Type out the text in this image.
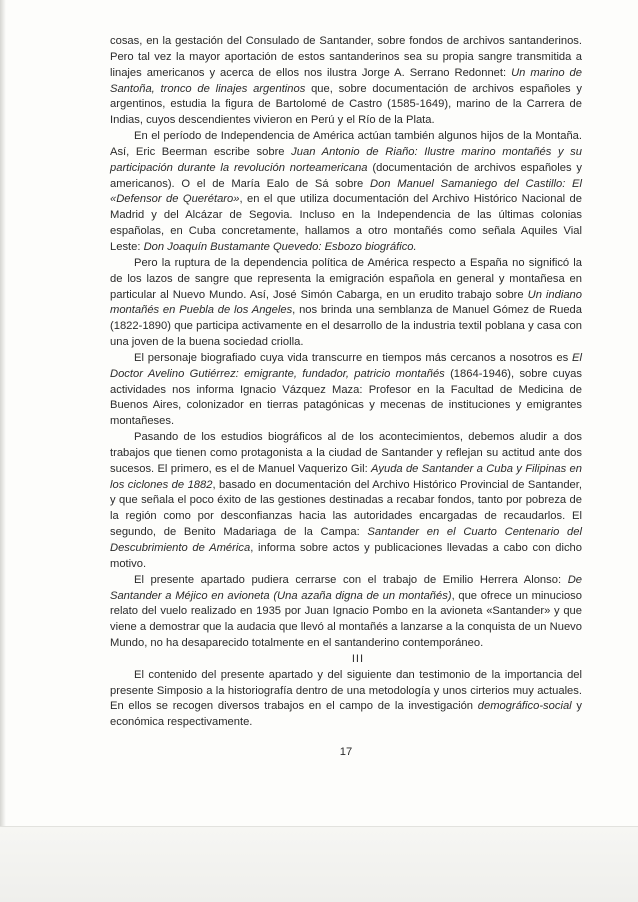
cosas, en la gestación del Consulado de Santander, sobre fondos de archivos santanderinos. Pero tal vez la mayor aportación de estos santanderinos sea su propia sangre transmitida a linajes americanos y acerca de ellos nos ilustra Jorge A. Serrano Redonnet: Un marino de Santoña, tronco de linajes argentinos que, sobre documentación de archivos españoles y argentinos, estudia la figura de Bartolomé de Castro (1585-1649), marino de la Carrera de Indias, cuyos descendientes vivieron en Perú y el Río de la Plata.

En el período de Independencia de América actúan también algunos hijos de la Montaña. Así, Eric Beerman escribe sobre Juan Antonio de Riaño: Ilustre marino montañés y su participación durante la revolución norteamericana (documentación de archivos españoles y americanos). O el de María Ealo de Sá sobre Don Manuel Samaniego del Castillo: El «Defensor de Querétaro», en el que utiliza documentación del Archivo Histórico Nacional de Madrid y del Alcázar de Segovia. Incluso en la Independencia de las últimas colonias españolas, en Cuba concretamente, hallamos a otro montañés como señala Aquiles Vial Leste: Don Joaquín Bustamante Quevedo: Esbozo biográfico.

Pero la ruptura de la dependencia política de América respecto a España no significó la de los lazos de sangre que representa la emigración española en general y montañesa en particular al Nuevo Mundo. Así, José Simón Cabarga, en un erudito trabajo sobre Un indiano montañés en Puebla de los Angeles, nos brinda una semblanza de Manuel Gómez de Rueda (1822-1890) que participa activamente en el desarrollo de la industria textil poblana y casa con una joven de la buena sociedad criolla.

El personaje biografiado cuya vida transcurre en tiempos más cercanos a nosotros es El Doctor Avelino Gutiérrez: emigrante, fundador, patricio montañés (1864-1946), sobre cuyas actividades nos informa Ignacio Vázquez Maza: Profesor en la Facultad de Medicina de Buenos Aires, colonizador en tierras patagónicas y mecenas de instituciones y emigrantes montañeses.

Pasando de los estudios biográficos al de los acontecimientos, debemos aludir a dos trabajos que tienen como protagonista a la ciudad de Santander y reflejan su actitud ante dos sucesos. El primero, es el de Manuel Vaquerizo Gil: Ayuda de Santander a Cuba y Filipinas en los ciclones de 1882, basado en documentación del Archivo Histórico Provincial de Santander, y que señala el poco éxito de las gestiones destinadas a recabar fondos, tanto por pobreza de la región como por desconfianzas hacia las autoridades encargadas de recaudarlos. El segundo, de Benito Madariaga de la Campa: Santander en el Cuarto Centenario del Descubrimiento de América, informa sobre actos y publicaciones llevadas a cabo con dicho motivo.

El presente apartado pudiera cerrarse con el trabajo de Emilio Herrera Alonso: De Santander a Méjico en avioneta (Una azaña digna de un montañés), que ofrece un minucioso relato del vuelo realizado en 1935 por Juan Ignacio Pombo en la avioneta «Santander» y que viene a demostrar que la audacia que llevó al montañés a lanzarse a la conquista de un Nuevo Mundo, no ha desaparecido totalmente en el santanderino contemporáneo.

III

El contenido del presente apartado y del siguiente dan testimonio de la importancia del presente Simposio a la historiografía dentro de una metodología y unos cirterios muy actuales. En ellos se recogen diversos trabajos en el campo de la investigación demográfico-social y económica respectivamente.

17
